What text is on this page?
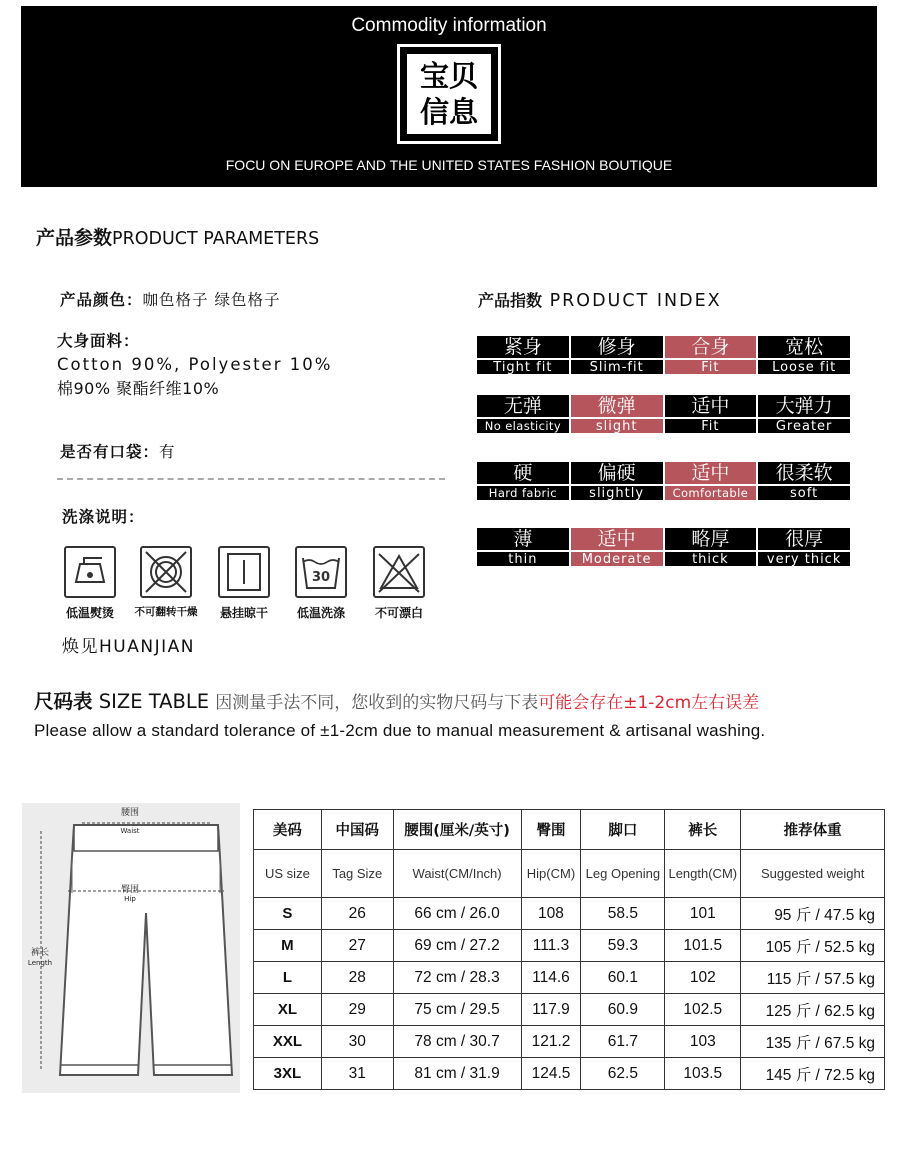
Commodity information
宝贝
信息
FOCU ON EUROPE AND THE UNITED STATES FASHION BOUTIQUE
产品参数PRODUCT PARAMETERS
产品颜色：咖色格子 绿色格子
大身面料：
Cotton 90%, Polyester 10%
棉90% 聚酯纤维10%
是否有口袋：有
洗涤说明：
低温熨烫	不可翻转干燥	悬挂晾干
30
低温洗涤	不可漂白
焕见HUANJIAN
产品指数 PRODUCT INDEX
紧身
Tight fit
修身
Slim-fit
合身
Fit
宽松
Loose fit
无弹
No elasticity
微弹
slight
适中
Fit
大弹力
Greater
硬
Hard fabric
偏硬
slightly
适中
Comfortable
很柔软
soft
薄
thin
适中
Moderate
略厚
thick
很厚
very thick
尺码表 SIZE TABLE 因测量手法不同，您收到的实物尺码与下表可能会存在±1-2cm左右误差
Please allow a standard tolerance of ±1-2cm due to manual measurement & artisanal washing.
腰围
Waist
臀围
Hip
裤长
Length
美码	中国码	腰围(厘米/英寸)	臀围	脚口	裤长	推荐体重
US size	Tag Size	Waist(CM/Inch)	Hip(CM)	Leg Opening	Length(CM)	Suggested weight
S	26	66 cm / 26.0	108	58.5	101	95 斤 / 47.5 kg
M	27	69 cm / 27.2	111.3	59.3	101.5	105 斤 / 52.5 kg
L	28	72 cm / 28.3	114.6	60.1	102	115 斤 / 57.5 kg
XL	29	75 cm / 29.5	117.9	60.9	102.5	125 斤 / 62.5 kg
XXL	30	78 cm / 30.7	121.2	61.7	103	135 斤 / 67.5 kg
3XL	31	81 cm / 31.9	124.5	62.5	103.5	145 斤 / 72.5 kg
